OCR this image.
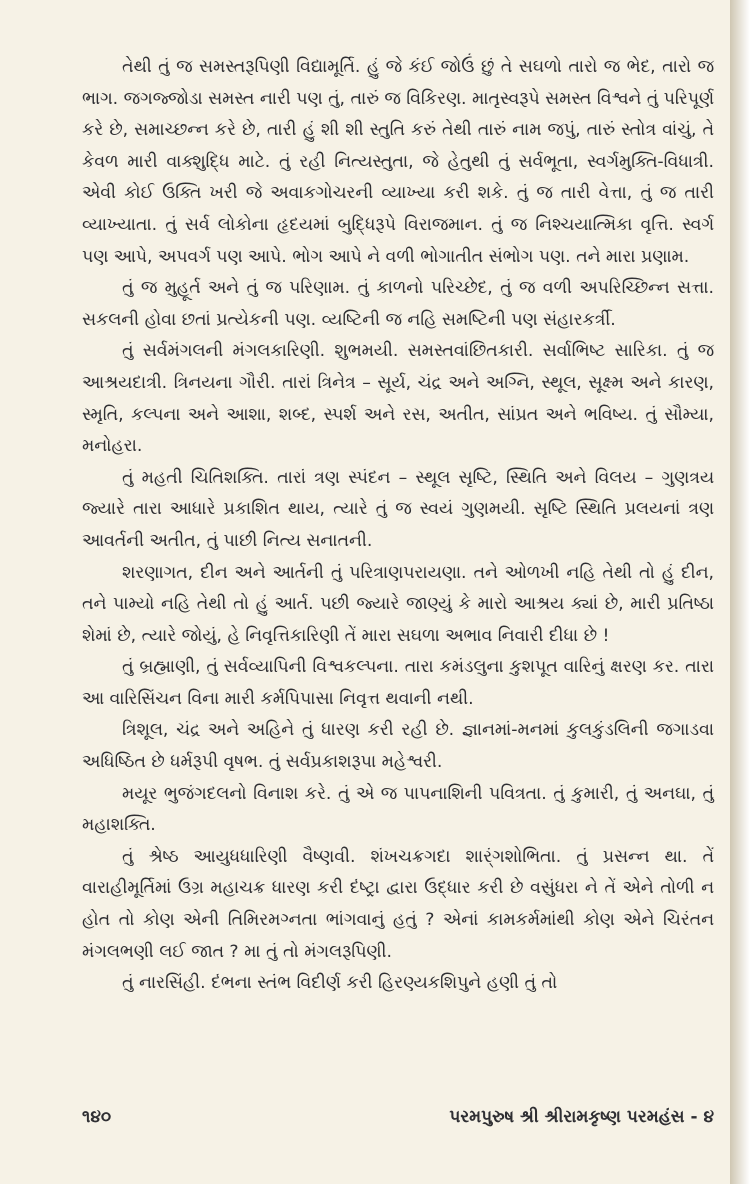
તેથી તું જ સમસ્તરૂપિણી વિદ્યામૂર્તિ. હું જે કંઈ જોઉં છું તે સઘળો તારો જ ભેદ, તારો જ ભાગ. જગજ્જોડા સમસ્ત નારી પણ તું, તારું જ વિકિરણ. માતૃસ્વરૂપે સમસ્ત વિશ્વને તું પરિપૂર્ણ કરે છે, સમાચ્છન્ન કરે છે, તારી હું શી શી સ્તુતિ કરું તેથી તારું નામ જપું, તારું સ્તોત્ર વાંચું, તે કેવળ મારી વાક્શુદ્ધિ માટે. તું રહી નિત્યસ્તુતા, જે હેતુથી તું સર્વભૂતા, સ્વર્ગમુક્તિ-વિધાત્રી. એવી કોઈ ઉક્તિ ખરી જે અવાકગોચરની વ્યાખ્યા કરી શકે. તું જ તારી વેત્તા, તું જ તારી વ્યાખ્યાતા. તું સર્વ લોકોના હૃદયમાં બુદ્ધિરૂપે વિરાજમાન. તું જ નિશ્ચયાત્મિકા વૃત્તિ. સ્વર્ગ પણ આપે, અપવર્ગ પણ આપે. ભોગ આપે ને વળી ભોગાતીત સંભોગ પણ. તને મારા પ્રણામ.

તું જ મુહૂર્ત અને તું જ પરિણામ. તું કાળનો પરિચ્છેદ, તું જ વળી અપરિચ્છિન્ન સત્તા. સકલની હોવા છતાં પ્રત્યેકની પણ. વ્યષ્ટિની જ નહિ સમષ્ટિની પણ સંહારકર્ત્રી.

તું સર્વમંગલની મંગલકારિણી. શુભમયી. સમસ્તવાંછિતકારી. સર્વાભિષ્ટ સારિકા. તું જ આશ્રયદાત્રી. ત્રિનયના ગૌરી. તારાં ત્રિનેત્ર – સૂર્ય, ચંદ્ર અને અગ્નિ, સ્થૂલ, સૂક્ષ્મ અને કારણ, સ્મૃતિ, કલ્પના અને આશા, શબ્દ, સ્પર્શ અને રસ, અતીત, સાંપ્રત અને ભવિષ્ય. તું સૌમ્યા, મનોહરા.

તું મહતી ચિતિશક્તિ. તારાં ત્રણ સ્પંદન – સ્થૂલ સૃષ્ટિ, સ્થિતિ અને વિલય – ગુણત્રય જ્યારે તારા આધારે પ્રકાશિત થાય, ત્યારે તું જ સ્વયં ગુણમયી. સૃષ્ટિ સ્થિતિ પ્રલયનાં ત્રણ આવર્તની અતીત, તું પાછી નિત્ય સનાતની.

શરણાગત, દીન અને આર્તની તું પરિત્રાણપરાયણા. તને ઓળખી નહિ તેથી તો હું દીન, તને પામ્યો નહિ તેથી તો હું આર્ત. પછી જ્યારે જાણ્યું કે મારો આશ્રય ક્યાં છે, મારી પ્રતિષ્ઠા શેમાં છે, ત્યારે જોયું, હે નિવૃત્તિકારિણી તેં મારા સઘળા અભાવ નિવારી દીધા છે !

તું બ્રહ્માણી, તું સર્વવ્યાપિની વિશ્વકલ્પના. તારા કમંડલુના કુશપૂત વારિનું ક્ષરણ કર. તારા આ વારિસિંચન વિના મારી કર્મપિપાસા નિવૃત્ત થવાની નથી.

ત્રિશૂલ, ચંદ્ર અને અહિને તું ધારણ કરી રહી છે. જ્ઞાનમાં-મનમાં કુલકુંડલિની જગાડવા અધિષ્ઠિત છે ધર્મરૂપી વૃષભ. તું સર્વપ્રકાશરૂપા મહેશ્વરી.

મયૂર ભુજંગદલનો વિનાશ કરે. તું એ જ પાપનાશિની પવિત્રતા. તું કુમારી, તું અનઘા, તું મહાશક્તિ.

તું શ્રેષ્ઠ આયુધધારિણી વૈષ્ણવી. શંખચક્રગદા શાર્ંગશોભિતા. તું પ્રસન્ન થા. તેં વારાહીમૂર્તિમાં ઉગ્ર મહાચક્ર ધારણ કરી દંષ્ટ્રા દ્વારા ઉદ્ધાર કરી છે વસુંધરા ને તેં એને તોળી ન હોત તો કોણ એની તિમિરમગ્નતા ભાંગવાનું હતું ? એનાં કામકર્મમાંથી કોણ એને ચિરંતન મંગલભણી લઈ જાત ? મા તું તો મંગલરૂપિણી.

તું નારસિંહી. દંભના સ્તંભ વિદીર્ણ કરી હિરણ્યકશિપુને હણી તું તો

૧૪૦	પરમપુરુષ શ્રી શ્રીરામકૃષ્ણ પરમહંસ - ૪
